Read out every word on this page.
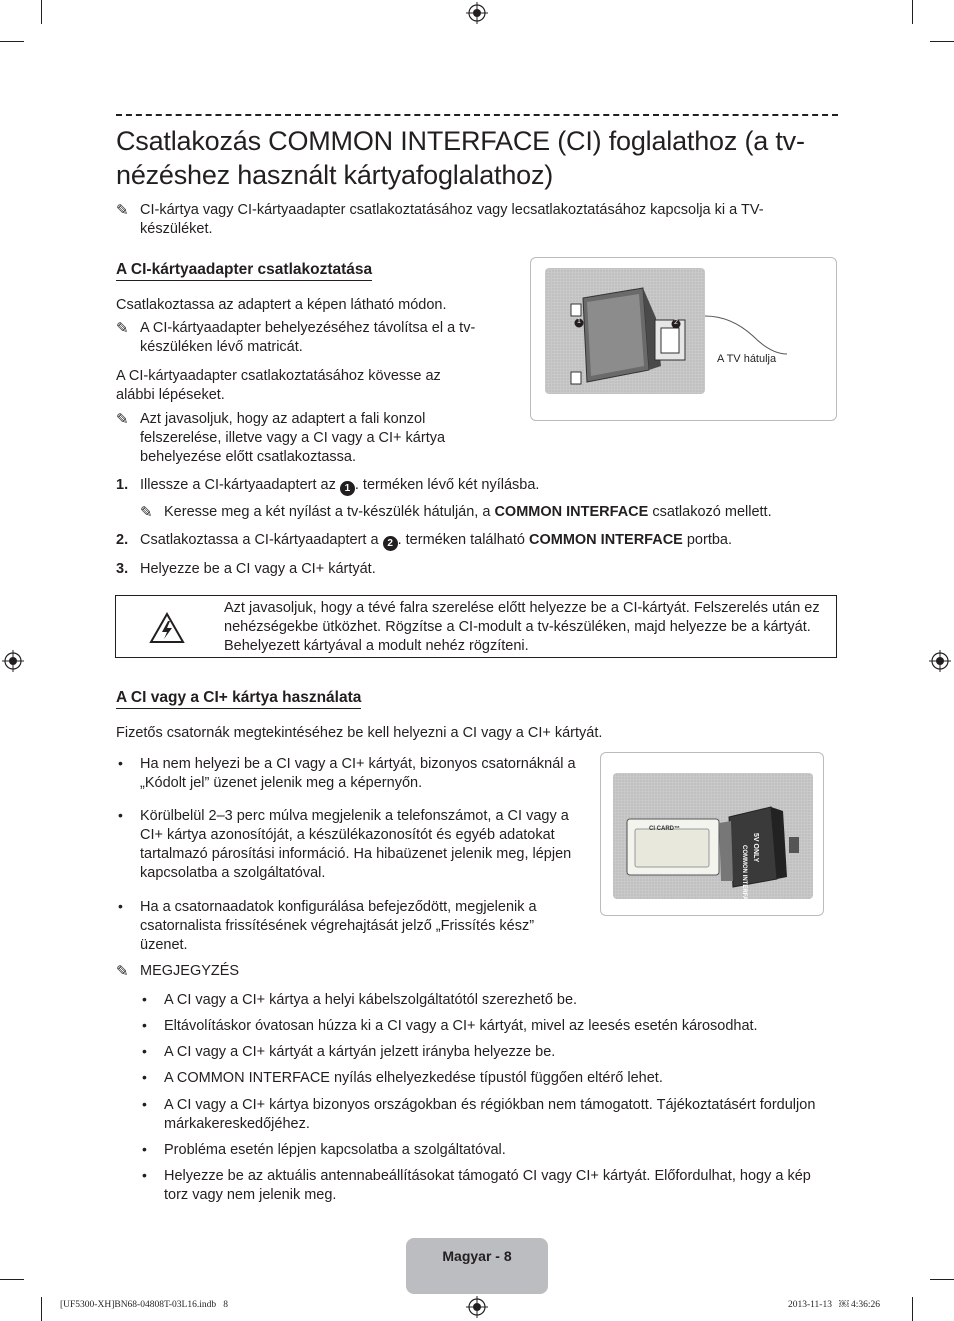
Csatlakozás COMMON INTERFACE (CI) foglalathoz (a tv-nézéshez használt kártyafoglalathoz)
✎ CI-kártya vagy CI-kártyaadapter csatlakoztatásához vagy lecsatlakoztatásához kapcsolja ki a TV-készüléket.
A CI-kártyaadapter csatlakoztatása
Csatlakoztassa az adaptert a képen látható módon.
✎ A CI-kártyaadapter behelyezéséhez távolítsa el a tv-készüléken lévő matricát.
A CI-kártyaadapter csatlakoztatásához kövesse az alábbi lépéseket.
✎ Azt javasoljuk, hogy az adaptert a fali konzol felszerelése, illetve vagy a CI vagy a CI+ kártya behelyezése előtt csatlakoztassa.
1	2
A TV hátulja
1. Illessze a CI-kártyaadaptert az 1 . terméken lévő két nyílásba.
✎ Keresse meg a két nyílást a tv-készülék hátulján, a COMMON INTERFACE csatlakozó mellett.
2. Csatlakoztassa a CI-kártyaadaptert a 2 . terméken található COMMON INTERFACE portba.
3. Helyezze be a CI vagy a CI+ kártyát.
Azt javasoljuk, hogy a tévé falra szerelése előtt helyezze be a CI-kártyát. Felszerelés után ez nehézségekbe ütközhet. Rögzítse a CI-modult a tv-készüléken, majd helyezze be a kártyát. Behelyezett kártyával a modult nehéz rögzíteni.
A CI vagy a CI+ kártya használata
Fizetős csatornák megtekintéséhez be kell helyezni a CI vagy a CI+ kártyát.
• Ha nem helyezi be a CI vagy a CI+ kártyát, bizonyos csatornáknál a „Kódolt jel” üzenet jelenik meg a képernyőn.
• Körülbelül 2–3 perc múlva megjelenik a telefonszámot, a CI vagy a CI+ kártya azonosítóját, a készülékazonosítót és egyéb adatokat tartalmazó párosítási információ. Ha hibaüzenet jelenik meg, lépjen kapcsolatba a szolgáltatóval.
• Ha a csatornaadatok konfigurálása befejeződött, megjelenik a csatornalista frissítésének végrehajtását jelző „Frissítés kész” üzenet.
CI CARD™
COMMON INTERFACE 5V ONLY
✎ MEGJEGYZÉS
• A CI vagy a CI+ kártya a helyi kábelszolgáltatótól szerezhető be.
• Eltávolításkor óvatosan húzza ki a CI vagy a CI+ kártyát, mivel az leesés esetén károsodhat.
• A CI vagy a CI+ kártyát a kártyán jelzett irányba helyezze be.
• A COMMON INTERFACE nyílás elhelyezkedése típustól függően eltérő lehet.
• A CI vagy a CI+ kártya bizonyos országokban és régiókban nem támogatott. Tájékoztatásért forduljon márkakereskedőjéhez.
• Probléma esetén lépjen kapcsolatba a szolgáltatóval.
• Helyezze be az aktuális antennabeállításokat támogató CI vagy CI+ kártyát. Előfordulhat, hogy a kép torz vagy nem jelenik meg.
Magyar - 8
[UF5300-XH]BN68-04808T-03L16.indb   8	2013-11-13   ￼ 4:36:26
